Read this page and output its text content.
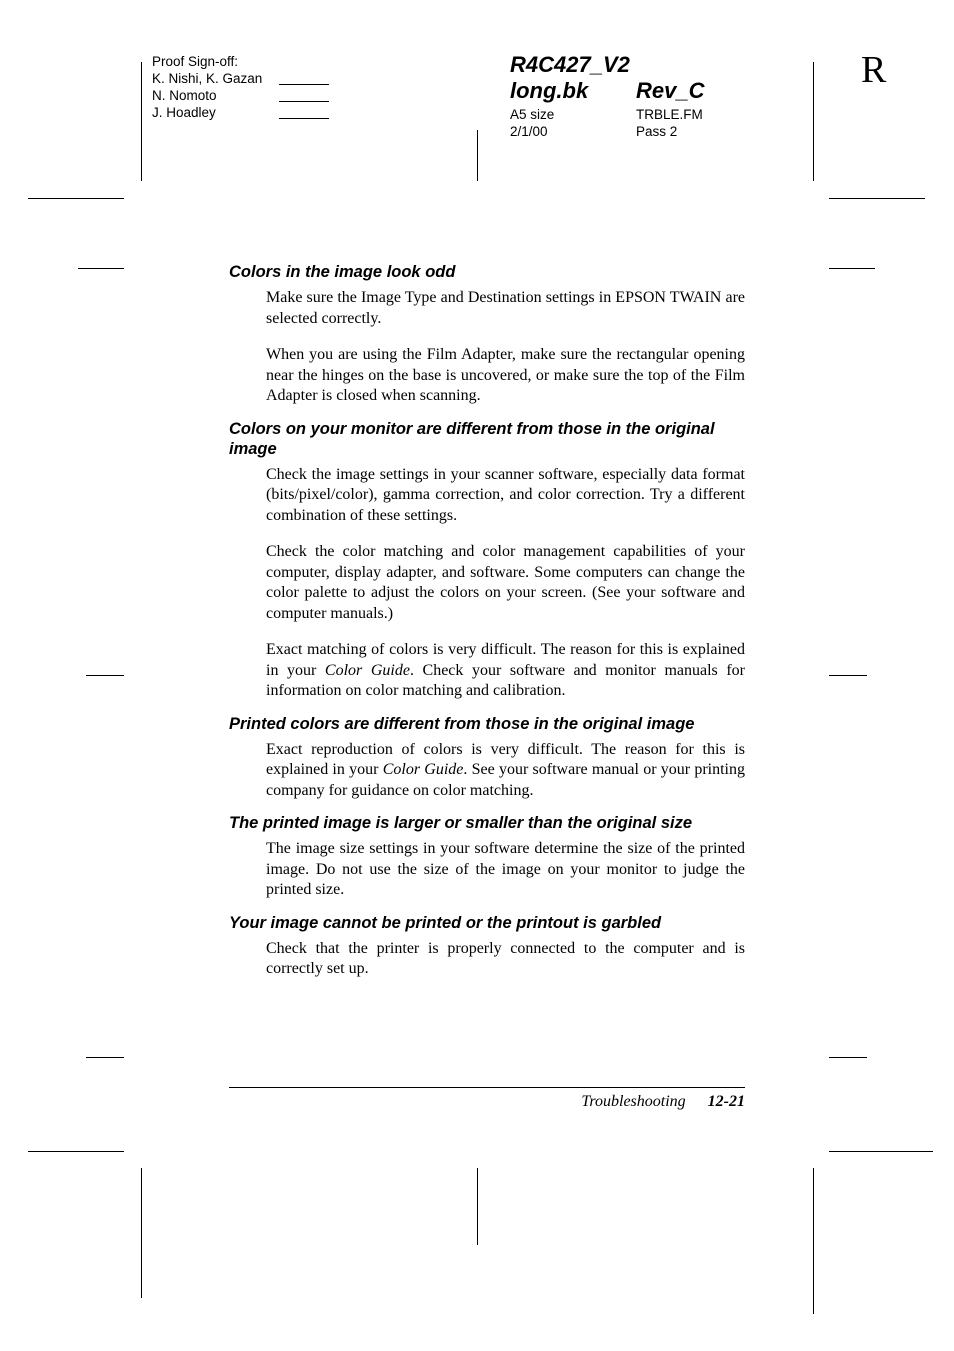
Proof Sign-off:
K. Nishi, K. Gazan
N. Nomoto
J. Hoadley
R4C427_V2
long.bk Rev_C
A5 size
2/1/00
TRBLE.FM
Pass 2
R
Colors in the image look odd

Make sure the Image Type and Destination settings in EPSON TWAIN are selected correctly.

When you are using the Film Adapter, make sure the rectangular opening near the hinges on the base is uncovered, or make sure the top of the Film Adapter is closed when scanning.

Colors on your monitor are different from those in the original image

Check the image settings in your scanner software, especially data format (bits/pixel/color), gamma correction, and color correction. Try a different combination of these settings.

Check the color matching and color management capabilities of your computer, display adapter, and software. Some computers can change the color palette to adjust the colors on your screen. (See your software and computer manuals.)

Exact matching of colors is very difficult. The reason for this is explained in your Color Guide. Check your software and monitor manuals for information on color matching and calibration.

Printed colors are different from those in the original image

Exact reproduction of colors is very difficult. The reason for this is explained in your Color Guide. See your software manual or your printing company for guidance on color matching.

The printed image is larger or smaller than the original size

The image size settings in your software determine the size of the printed image. Do not use the size of the image on your monitor to judge the printed size.

Your image cannot be printed or the printout is garbled

Check that the printer is properly connected to the computer and is correctly set up.

Troubleshooting 12-21
